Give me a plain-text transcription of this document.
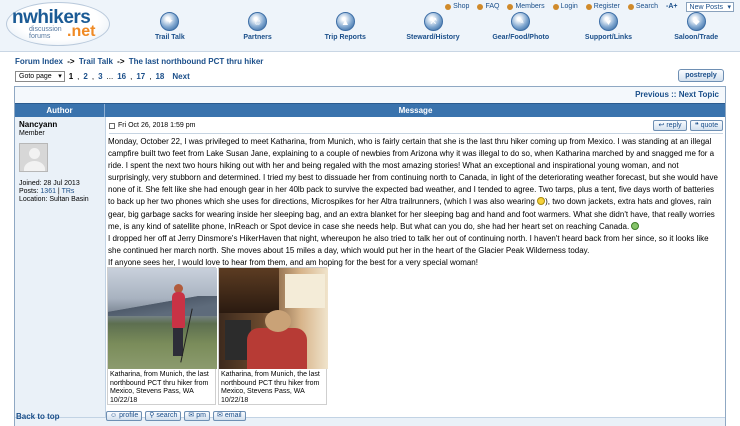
nwhikers
discussion
forums	.net
Shop FAQ Members Login Register Search -A+	New Posts ▾
✦
Trail Talk
☺
Partners
▲
Trip Reports
⚒
Steward/History
✎
Gear/Food/Photo
♥
Support/Links
◆
Saloon/Trade
Forum Index -> Trail Talk -> The last northbound PCT thru hiker
Goto page ▾	1 , 2 , 3 ... 16 , 17 , 18 Next	postreply
Previous :: Next Topic
Author	Message
Nancyann
Member
Joined: 28 Jul 2013
Posts: 1361 | TRs
Location: Sultan Basin
Fri Oct 26, 2018 1:59 pm	↩ reply ❝ quote

Monday, October 22, I was privileged to meet Katharina, from Munich, who is fairly certain that she is the last thru hiker coming up from Mexico. I was standing at an illegal campfire built two feet from Lake Susan Jane, explaining to a couple of newbies from Arizona why it was illegal to do so, when Katharina marched by and snagged me for a ride. I spent the next two hours hiking out with her and being regaled with the most amazing stories! What an exceptional and inspirational young woman, and not surprisingly, very stubborn and determined. I tried my best to dissuade her from continuing north to Canada, in light of the deteriorating weather forecast, but she would have none of it. She felt like she had enough gear in her 40lb pack to survive the expected bad weather, and I tended to agree. Two tarps, plus a tent, five days worth of batteries to back up her two phones which she uses for directions, Microspikes for her Altra trailrunners, (which I was also wearing ), two down jackets, extra hats and gloves, rain gear, big garbage sacks for wearing inside her sleeping bag, and an extra blanket for her sleeping bag and hand and foot warmers. What she didn't have, that really worries me, is any kind of satellite phone, InReach or Spot device in case she needs help. But what can you do, she had her heart set on reaching Canada.

I dropped her off at Jerry Dinsmore's HikerHaven that night, whereupon he also tried to talk her out of continuing north. I haven't heard back from her since, so it looks like she continued her march north. She moves about 15 miles a day, which would put her in the heart of the Glacier Peak Wilderness today.

If anyone sees her, I would love to hear from them, and am hoping for the best for a very special woman!

Katharina, from Munich, the last northbound PCT thru hiker from Mexico, Stevens Pass, WA 10/22/18
Katharina, from Munich, the last northbound PCT thru hiker from Mexico, Stevens Pass, WA 10/22/18
Back to top	☺ profile ⚲ search ✉ pm ✉ email
